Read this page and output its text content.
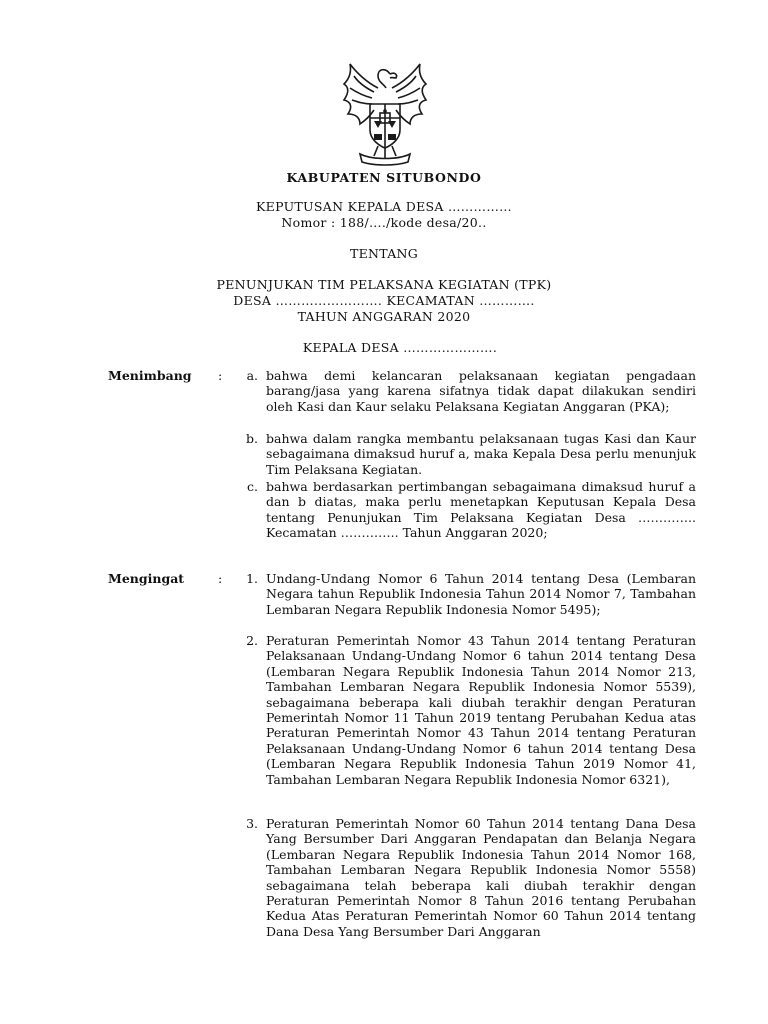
KABUPATEN SITUBONDO
KEPUTUSAN KEPALA DESA ……………
Nomor : 188/…./kode desa/20..
TENTANG
PENUNJUKAN TIM PELAKSANA KEGIATAN (TPK)
DESA ……………………. KECAMATAN ………….
TAHUN ANGGARAN 2020
KEPALA DESA ………………….
Menimbang :	a. bahwa demi kelancaran pelaksanaan kegiatan pengadaan barang/jasa yang karena sifatnya tidak dapat dilakukan sendiri oleh Kasi dan Kaur selaku Pelaksana Kegiatan Anggaran (PKA);
b. bahwa dalam rangka membantu pelaksanaan tugas Kasi dan Kaur sebagaimana dimaksud huruf a, maka Kepala Desa perlu menunjuk Tim Pelaksana Kegiatan.
c. bahwa berdasarkan pertimbangan sebagaimana dimaksud huruf a dan b diatas, maka perlu menetapkan Keputusan Kepala Desa tentang Penunjukan Tim Pelaksana Kegiatan Desa ………….. Kecamatan ………….. Tahun Anggaran 2020;
Mengingat	:	1. Undang-Undang Nomor 6 Tahun 2014 tentang Desa (Lembaran Negara tahun Republik Indonesia Tahun 2014 Nomor 7, Tambahan Lembaran Negara Republik Indonesia Nomor 5495);
2. Peraturan Pemerintah Nomor 43 Tahun 2014 tentang Peraturan Pelaksanaan Undang-Undang Nomor 6 tahun 2014 tentang Desa (Lembaran Negara Republik Indonesia Tahun 2014 Nomor 213, Tambahan Lembaran Negara Republik Indonesia Nomor 5539), sebagaimana beberapa kali diubah terakhir dengan Peraturan Pemerintah Nomor 11 Tahun 2019 tentang Perubahan Kedua atas Peraturan Pemerintah Nomor 43 Tahun 2014 tentang Peraturan Pelaksanaan Undang-Undang Nomor 6 tahun 2014 tentang Desa (Lembaran Negara Republik Indonesia Tahun 2019 Nomor 41, Tambahan Lembaran Negara Republik Indonesia Nomor 6321),
3. Peraturan Pemerintah Nomor 60 Tahun 2014 tentang Dana Desa Yang Bersumber Dari Anggaran Pendapatan dan Belanja Negara (Lembaran Negara Republik Indonesia Tahun 2014 Nomor 168, Tambahan Lembaran Negara Republik Indonesia Nomor 5558) sebagaimana telah beberapa kali diubah terakhir dengan Peraturan Pemerintah Nomor 8 Tahun 2016 tentang Perubahan Kedua Atas Peraturan Pemerintah Nomor 60 Tahun 2014 tentang Dana Desa Yang Bersumber Dari Anggaran
